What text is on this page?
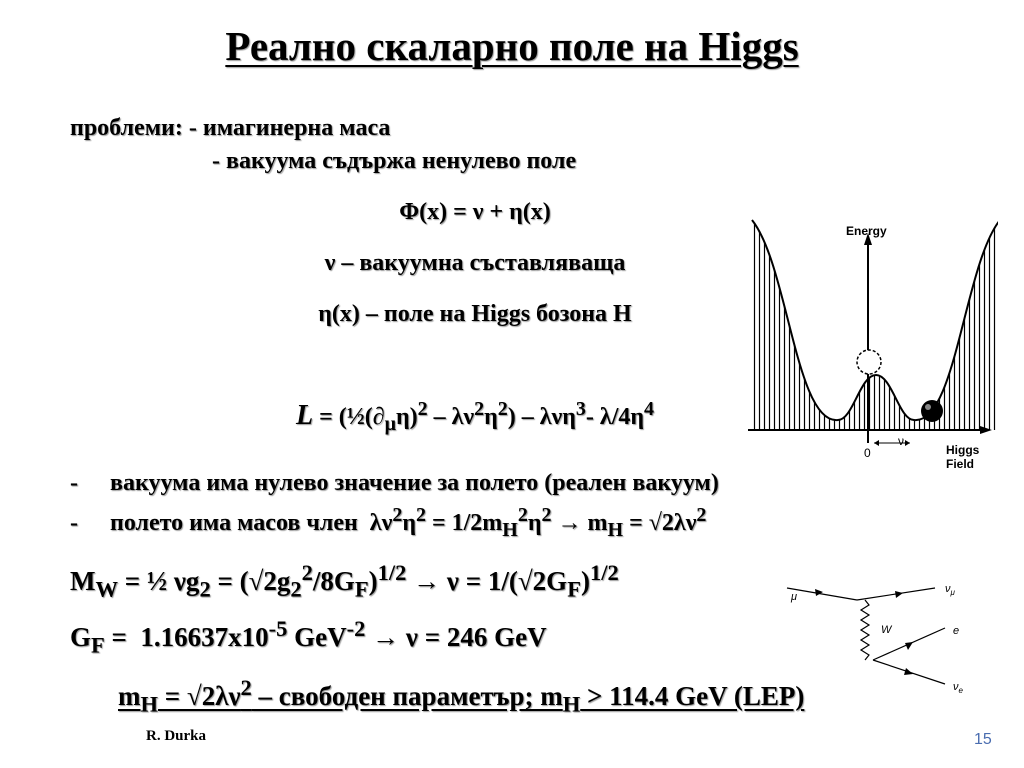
Реално скаларно поле на Higgs
проблеми: - имагинерна маса
- вакуума съдържа ненулево поле
Φ(x) = ν + η(x)
ν – вакуумна съставляваща
η(x) – поле на Higgs бозона H
$L = (\frac{1}{2}(\partial_\mu\eta)^2 - \lambda\nu^2\eta^2) - \lambda\nu\eta^3-$ $\lambda/4\eta^4$
- вакуума има нулево значение за полето (реален вакуум)
- полето има масов член  $\lambda\nu^2\eta^2 = 1/2m_H^2\eta^2 \to m_H = √2\lambda\nu^2$
$M_W$ = ½ $\nu g_2 = (√2g_2^2/8G_F)^{1/2} \to \nu = 1/(√2G_F)^{1/2}$
$G_F = 1.16637x10^{-5}$ GeV$^{-2}$ → ν = 246 GeV
$m_H = √2\lambda\nu^2$ – свободен параметър; $m_H > 114.4$ GeV (LEP)
Energy
0
ν
Higgs
Field
μ
$\nu_\mu$
W	e
$\nu_e$
R. Durka	15
